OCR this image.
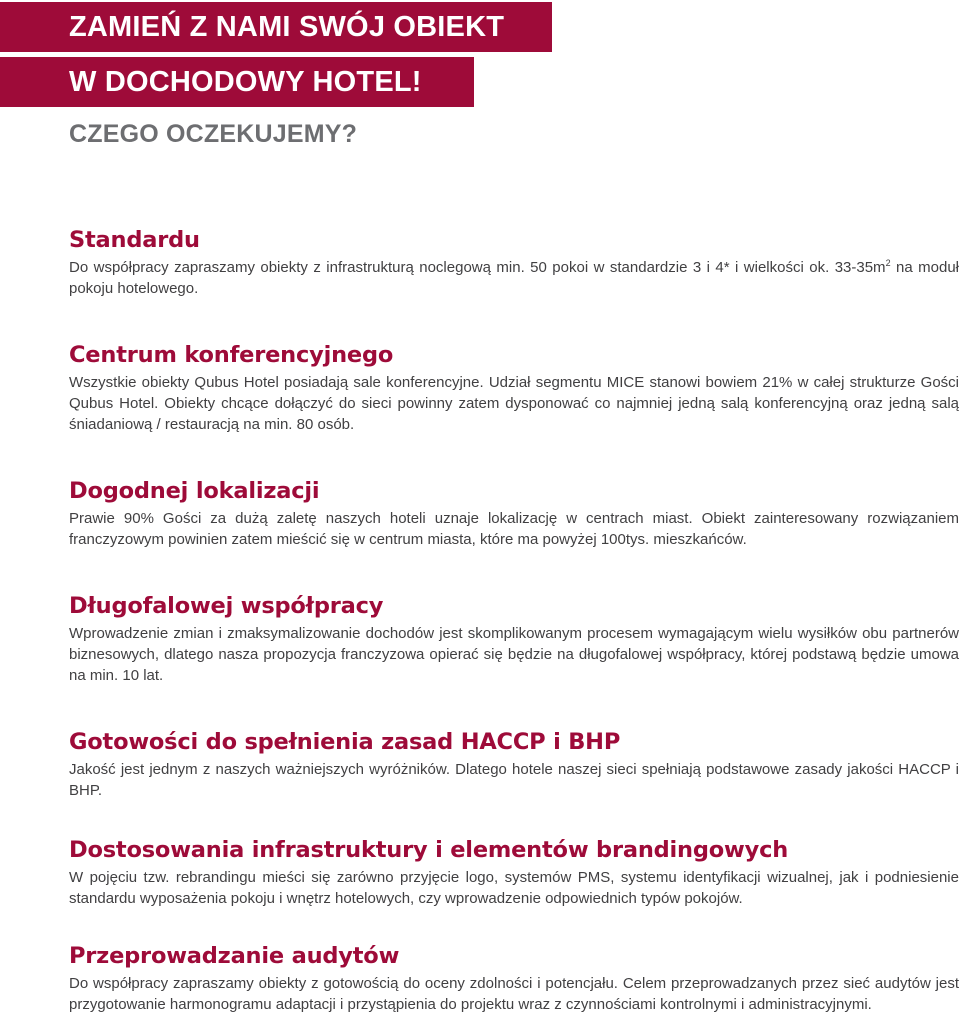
ZAMIEŃ Z NAMI SWÓJ OBIEKT
W DOCHODOWY HOTEL!
CZEGO OCZEKUJEMY?
Standardu

Do współpracy zapraszamy obiekty z infrastrukturą noclegową min. 50 pokoi w standardzie 3 i 4* i wielkości ok. $33-35m^2$ na moduł pokoju hotelowego.

Centrum konferencyjnego

Wszystkie obiekty Qubus Hotel posiadają sale konferencyjne. Udział segmentu MICE stanowi bowiem 21% w całej strukturze Gości Qubus Hotel. Obiekty chcące dołączyć do sieci powinny zatem dysponować co najmniej jedną salą konferencyjną oraz jedną salą śniadaniową / restauracją na min. 80 osób.

Dogodnej lokalizacji

Prawie 90% Gości za dużą zaletę naszych hoteli uznaje lokalizację w centrach miast. Obiekt zainteresowany rozwiązaniem franczyzowym powinien zatem mieścić się w centrum miasta, które ma powyżej 100tys. mieszkańców.

Długofalowej współpracy

Wprowadzenie zmian i zmaksymalizowanie dochodów jest skomplikowanym procesem wymagającym wielu wysiłków obu partnerów biznesowych, dlatego nasza propozycja franczyzowa opierać się będzie na długofalowej współpracy, której podstawą będzie umowa na min. 10 lat.

Gotowości do spełnienia zasad HACCP i BHP

Jakość jest jednym z naszych ważniejszych wyróżników. Dlatego hotele naszej sieci spełniają podstawowe zasady jakości HACCP i BHP.

Dostosowania infrastruktury i elementów brandingowych

W pojęciu tzw. rebrandingu mieści się zarówno przyjęcie logo, systemów PMS, systemu identyfikacji wizualnej, jak i podniesienie standardu wyposażenia pokoju i wnętrz hotelowych, czy wprowadzenie odpowiednich typów pokojów.

Przeprowadzanie audytów

Do współpracy zapraszamy obiekty z gotowością do oceny zdolności i potencjału. Celem przeprowadzanych przez sieć audytów jest przygotowanie harmonogramu adaptacji i przystąpienia do projektu wraz z czynnościami kontrolnymi i administracyjnymi.
